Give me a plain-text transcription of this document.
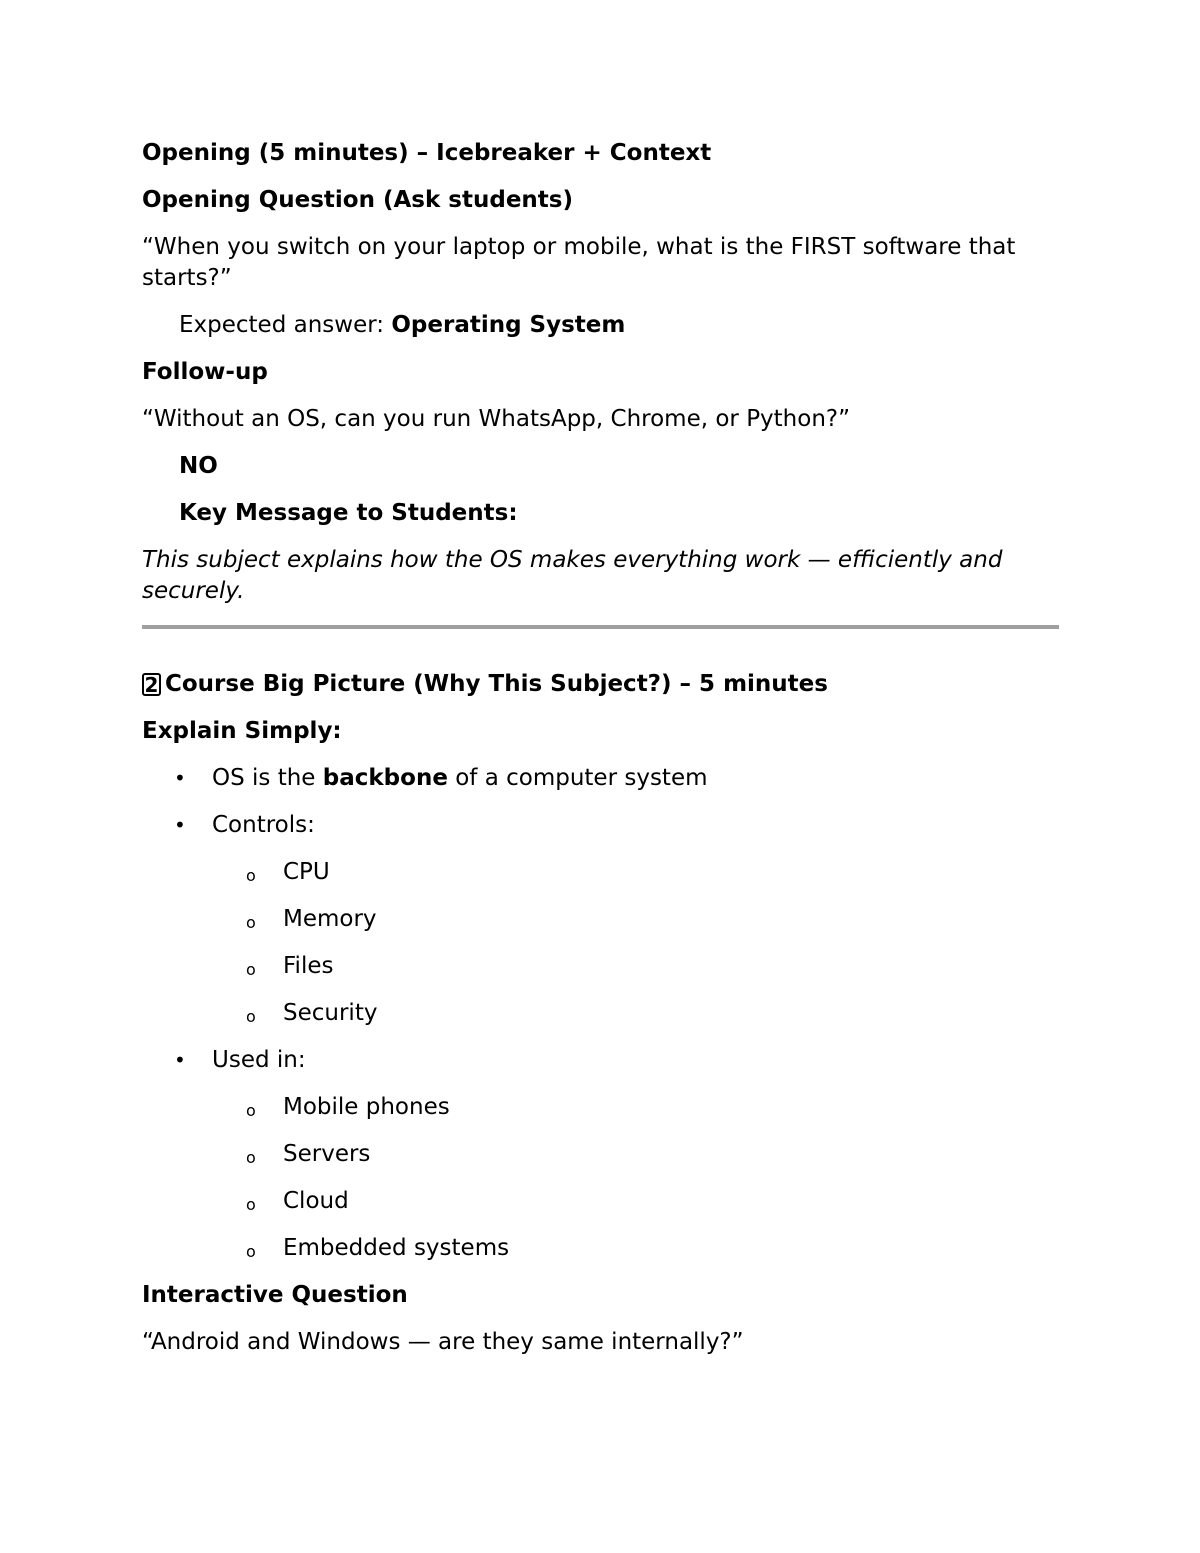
Opening (5 minutes) – Icebreaker + Context

Opening Question (Ask students)

“When you switch on your laptop or mobile, what is the FIRST software that starts?”

Expected answer: Operating System

Follow-up

“Without an OS, can you run WhatsApp, Chrome, or Python?”

NO

Key Message to Students:

This subject explains how the OS makes everything work — efficiently and securely.

2 Course Big Picture (Why This Subject?) – 5 minutes

Explain Simply:

• OS is the backbone of a computer system
• Controls:
o CPU
o Memory
o Files
o Security
• Used in:
o Mobile phones
o Servers
o Cloud
o Embedded systems

Interactive Question

“Android and Windows — are they same internally?”
